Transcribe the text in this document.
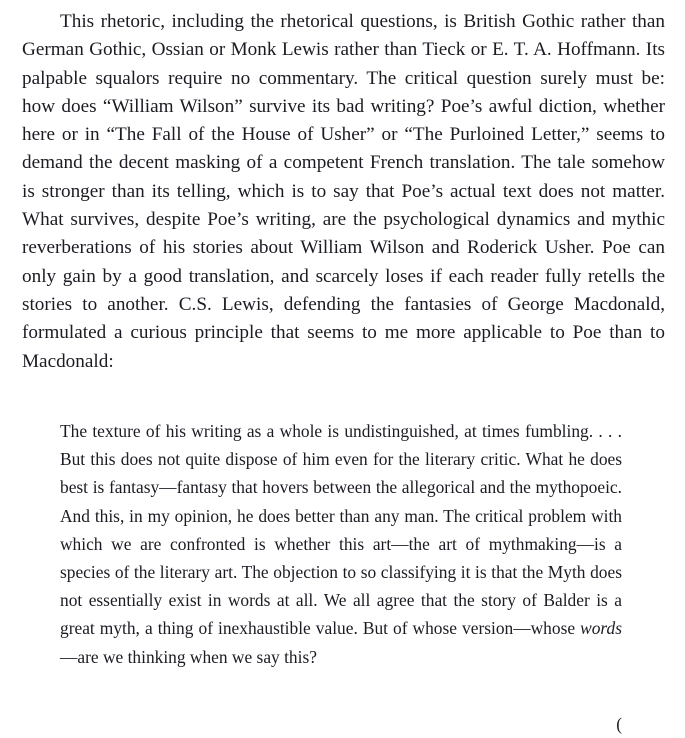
This rhetoric, including the rhetorical questions, is British Gothic rather than German Gothic, Ossian or Monk Lewis rather than Tieck or E. T. A. Hoffmann. Its palpable squalors require no commentary. The critical question surely must be: how does “William Wilson” survive its bad writing? Poe’s awful diction, whether here or in “The Fall of the House of Usher” or “The Purloined Letter,” seems to demand the decent masking of a competent French translation. The tale somehow is stronger than its telling, which is to say that Poe’s actual text does not matter. What survives, despite Poe’s writing, are the psychological dynamics and mythic reverberations of his stories about William Wilson and Roderick Usher. Poe can only gain by a good translation, and scarcely loses if each reader fully retells the stories to another. C.S. Lewis, defending the fantasies of George Macdonald, formulated a curious principle that seems to me more applicable to Poe than to Macdonald:

The texture of his writing as a whole is undistinguished, at times fumbling. . . . But this does not quite dispose of him even for the literary critic. What he does best is fantasy—fantasy that hovers between the allegorical and the mythopoeic. And this, in my opinion, he does better than any man. The critical problem with which we are confronted is whether this art—the art of mythmaking—is a species of the literary art. The objection to so classifying it is that the Myth does not essentially exist in words at all. We all agree that the story of Balder is a great myth, a thing of inexhaustible value. But of whose version—whose words—are we thinking when we say this?

(
